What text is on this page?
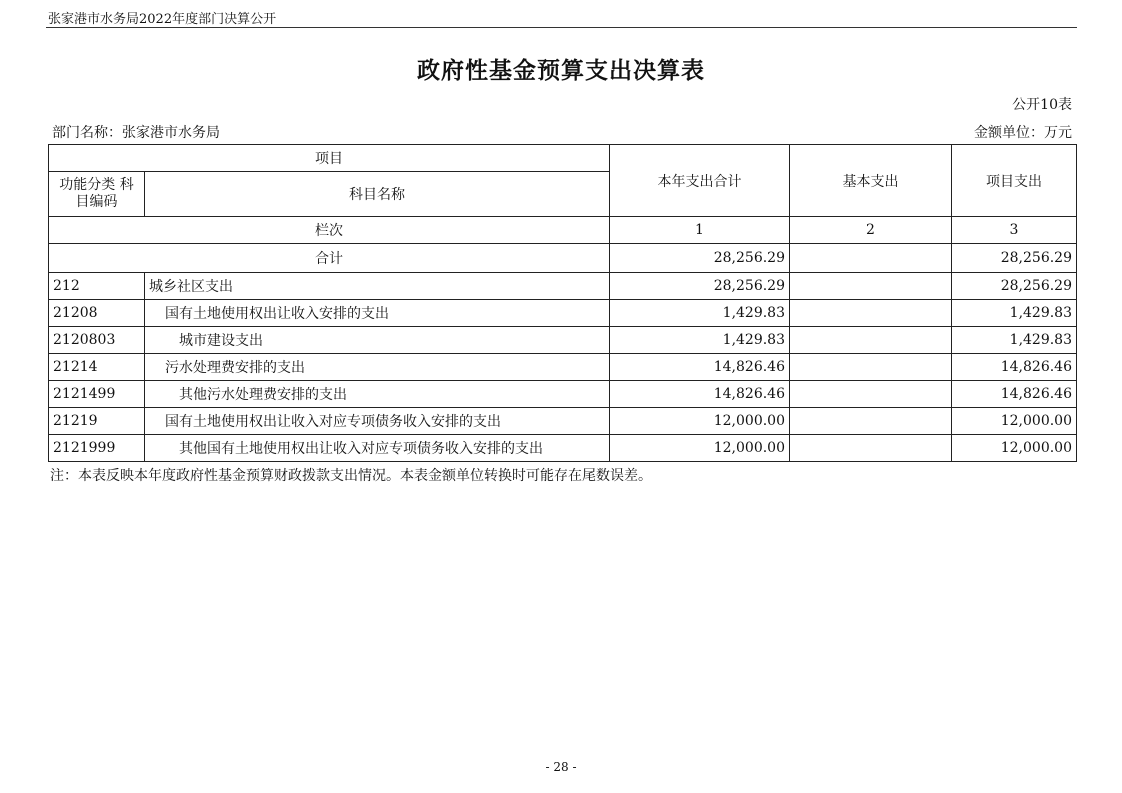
张家港市水务局2022年度部门决算公开
政府性基金预算支出决算表
公开10表
部门名称：张家港市水务局	金额单位：万元
项目		本年支出合计	基本支出	项目支出
功能分类 科目编码	科目名称			
栏次		1	2	3
合计		28,256.29		28,256.29
212	城乡社区支出	28,256.29		28,256.29
21208	国有土地使用权出让收入安排的支出	1,429.83		1,429.83
2120803	城市建设支出	1,429.83		1,429.83
21214	污水处理费安排的支出	14,826.46		14,826.46
2121499	其他污水处理费安排的支出	14,826.46		14,826.46
21219	国有土地使用权出让收入对应专项债务收入安排的支出	12,000.00		12,000.00
2121999	其他国有土地使用权出让收入对应专项债务收入安排的支出	12,000.00		12,000.00
注：本表反映本年度政府性基金预算财政拨款支出情况。本表金额单位转换时可能存在尾数误差。
- 28 -
